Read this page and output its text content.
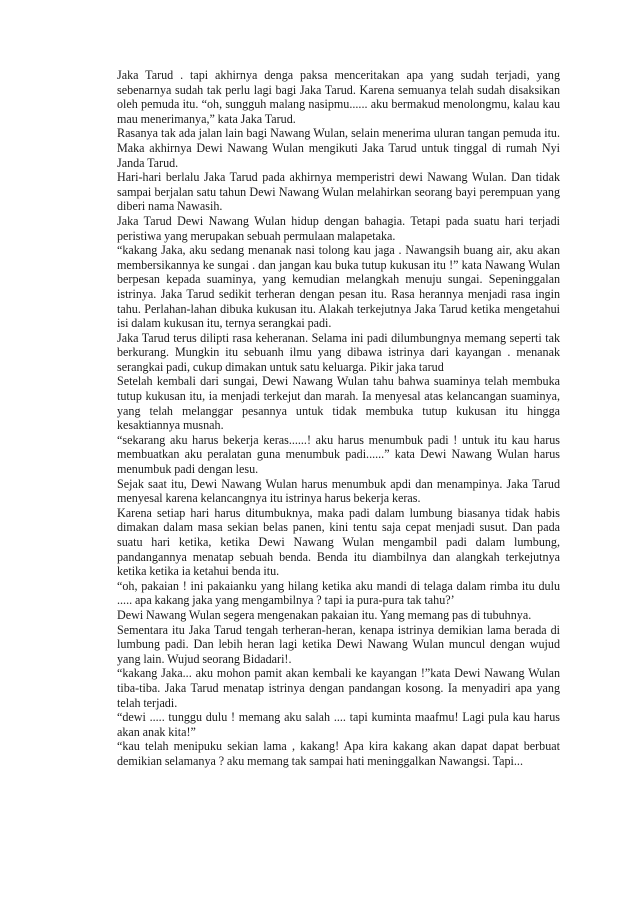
Jaka Tarud . tapi akhirnya denga paksa menceritakan apa yang sudah terjadi, yang sebenarnya sudah tak perlu lagi bagi Jaka Tarud. Karena semuanya telah sudah disaksikan oleh pemuda itu. “oh, sungguh malang nasipmu...... aku bermakud menolongmu, kalau kau mau menerimanya,” kata Jaka Tarud.

Rasanya tak ada jalan lain bagi Nawang Wulan, selain menerima uluran tangan pemuda itu. Maka akhirnya Dewi Nawang Wulan mengikuti Jaka Tarud untuk tinggal di rumah Nyi Janda Tarud.

Hari-hari berlalu Jaka Tarud pada akhirnya memperistri dewi Nawang Wulan. Dan tidak sampai berjalan satu tahun Dewi Nawang Wulan melahirkan seorang bayi perempuan yang diberi nama Nawasih.

Jaka Tarud Dewi Nawang Wulan hidup dengan bahagia. Tetapi pada suatu hari terjadi peristiwa yang merupakan sebuah permulaan malapetaka.

“kakang Jaka, aku sedang menanak nasi tolong kau jaga . Nawangsih buang air, aku akan membersikannya ke sungai . dan jangan kau buka tutup kukusan itu !” kata Nawang Wulan berpesan kepada suaminya, yang kemudian melangkah menuju sungai. Sepeninggalan istrinya. Jaka Tarud sedikit terheran dengan pesan itu. Rasa herannya menjadi rasa ingin tahu. Perlahan-lahan dibuka kukusan itu. Alakah terkejutnya Jaka Tarud ketika mengetahui isi dalam kukusan itu, ternya serangkai padi.

Jaka Tarud terus dilipti rasa keheranan. Selama ini padi dilumbungnya memang seperti tak berkurang. Mungkin itu sebuanh ilmu yang dibawa istrinya dari kayangan . menanak serangkai padi, cukup dimakan untuk satu keluarga. Pikir jaka tarud

Setelah kembali dari sungai, Dewi Nawang Wulan tahu bahwa suaminya telah membuka tutup kukusan itu, ia menjadi terkejut dan marah. Ia menyesal atas kelancangan suaminya, yang telah melanggar pesannya untuk tidak membuka tutup kukusan itu hingga kesaktiannya musnah.

“sekarang aku harus bekerja keras......! aku harus menumbuk padi ! untuk itu kau harus membuatkan aku peralatan guna menumbuk padi......” kata Dewi Nawang Wulan harus menumbuk padi dengan lesu.

Sejak saat itu, Dewi Nawang Wulan harus menumbuk apdi dan menampinya. Jaka Tarud menyesal karena kelancangnya itu istrinya harus bekerja keras.

Karena setiap hari harus ditumbuknya, maka padi dalam lumbung biasanya tidak habis dimakan dalam masa sekian belas panen, kini tentu saja cepat menjadi susut. Dan pada suatu hari ketika, ketika Dewi Nawang Wulan mengambil padi dalam lumbung, pandangannya menatap sebuah benda. Benda itu diambilnya dan alangkah terkejutnya ketika ketika ia ketahui benda itu.

“oh, pakaian ! ini pakaianku yang hilang ketika aku mandi di telaga dalam rimba itu dulu ..... apa kakang jaka yang mengambilnya ? tapi ia pura-pura tak tahu?’

Dewi Nawang Wulan segera mengenakan pakaian itu. Yang memang pas di tubuhnya.

Sementara itu Jaka Tarud tengah terheran-heran, kenapa istrinya demikian lama berada di lumbung padi. Dan lebih heran lagi ketika Dewi Nawang Wulan muncul dengan wujud yang lain. Wujud seorang Bidadari!.

“kakang Jaka... aku mohon pamit akan kembali ke kayangan !”kata Dewi Nawang Wulan tiba-tiba. Jaka Tarud menatap istrinya dengan pandangan kosong. Ia menyadiri apa yang telah terjadi.

“dewi ..... tunggu dulu ! memang aku salah .... tapi kuminta maafmu! Lagi pula kau harus akan anak kita!”

“kau telah menipuku sekian lama , kakang! Apa kira kakang akan dapat dapat berbuat demikian selamanya ? aku memang tak sampai hati meninggalkan Nawangsi. Tapi...
